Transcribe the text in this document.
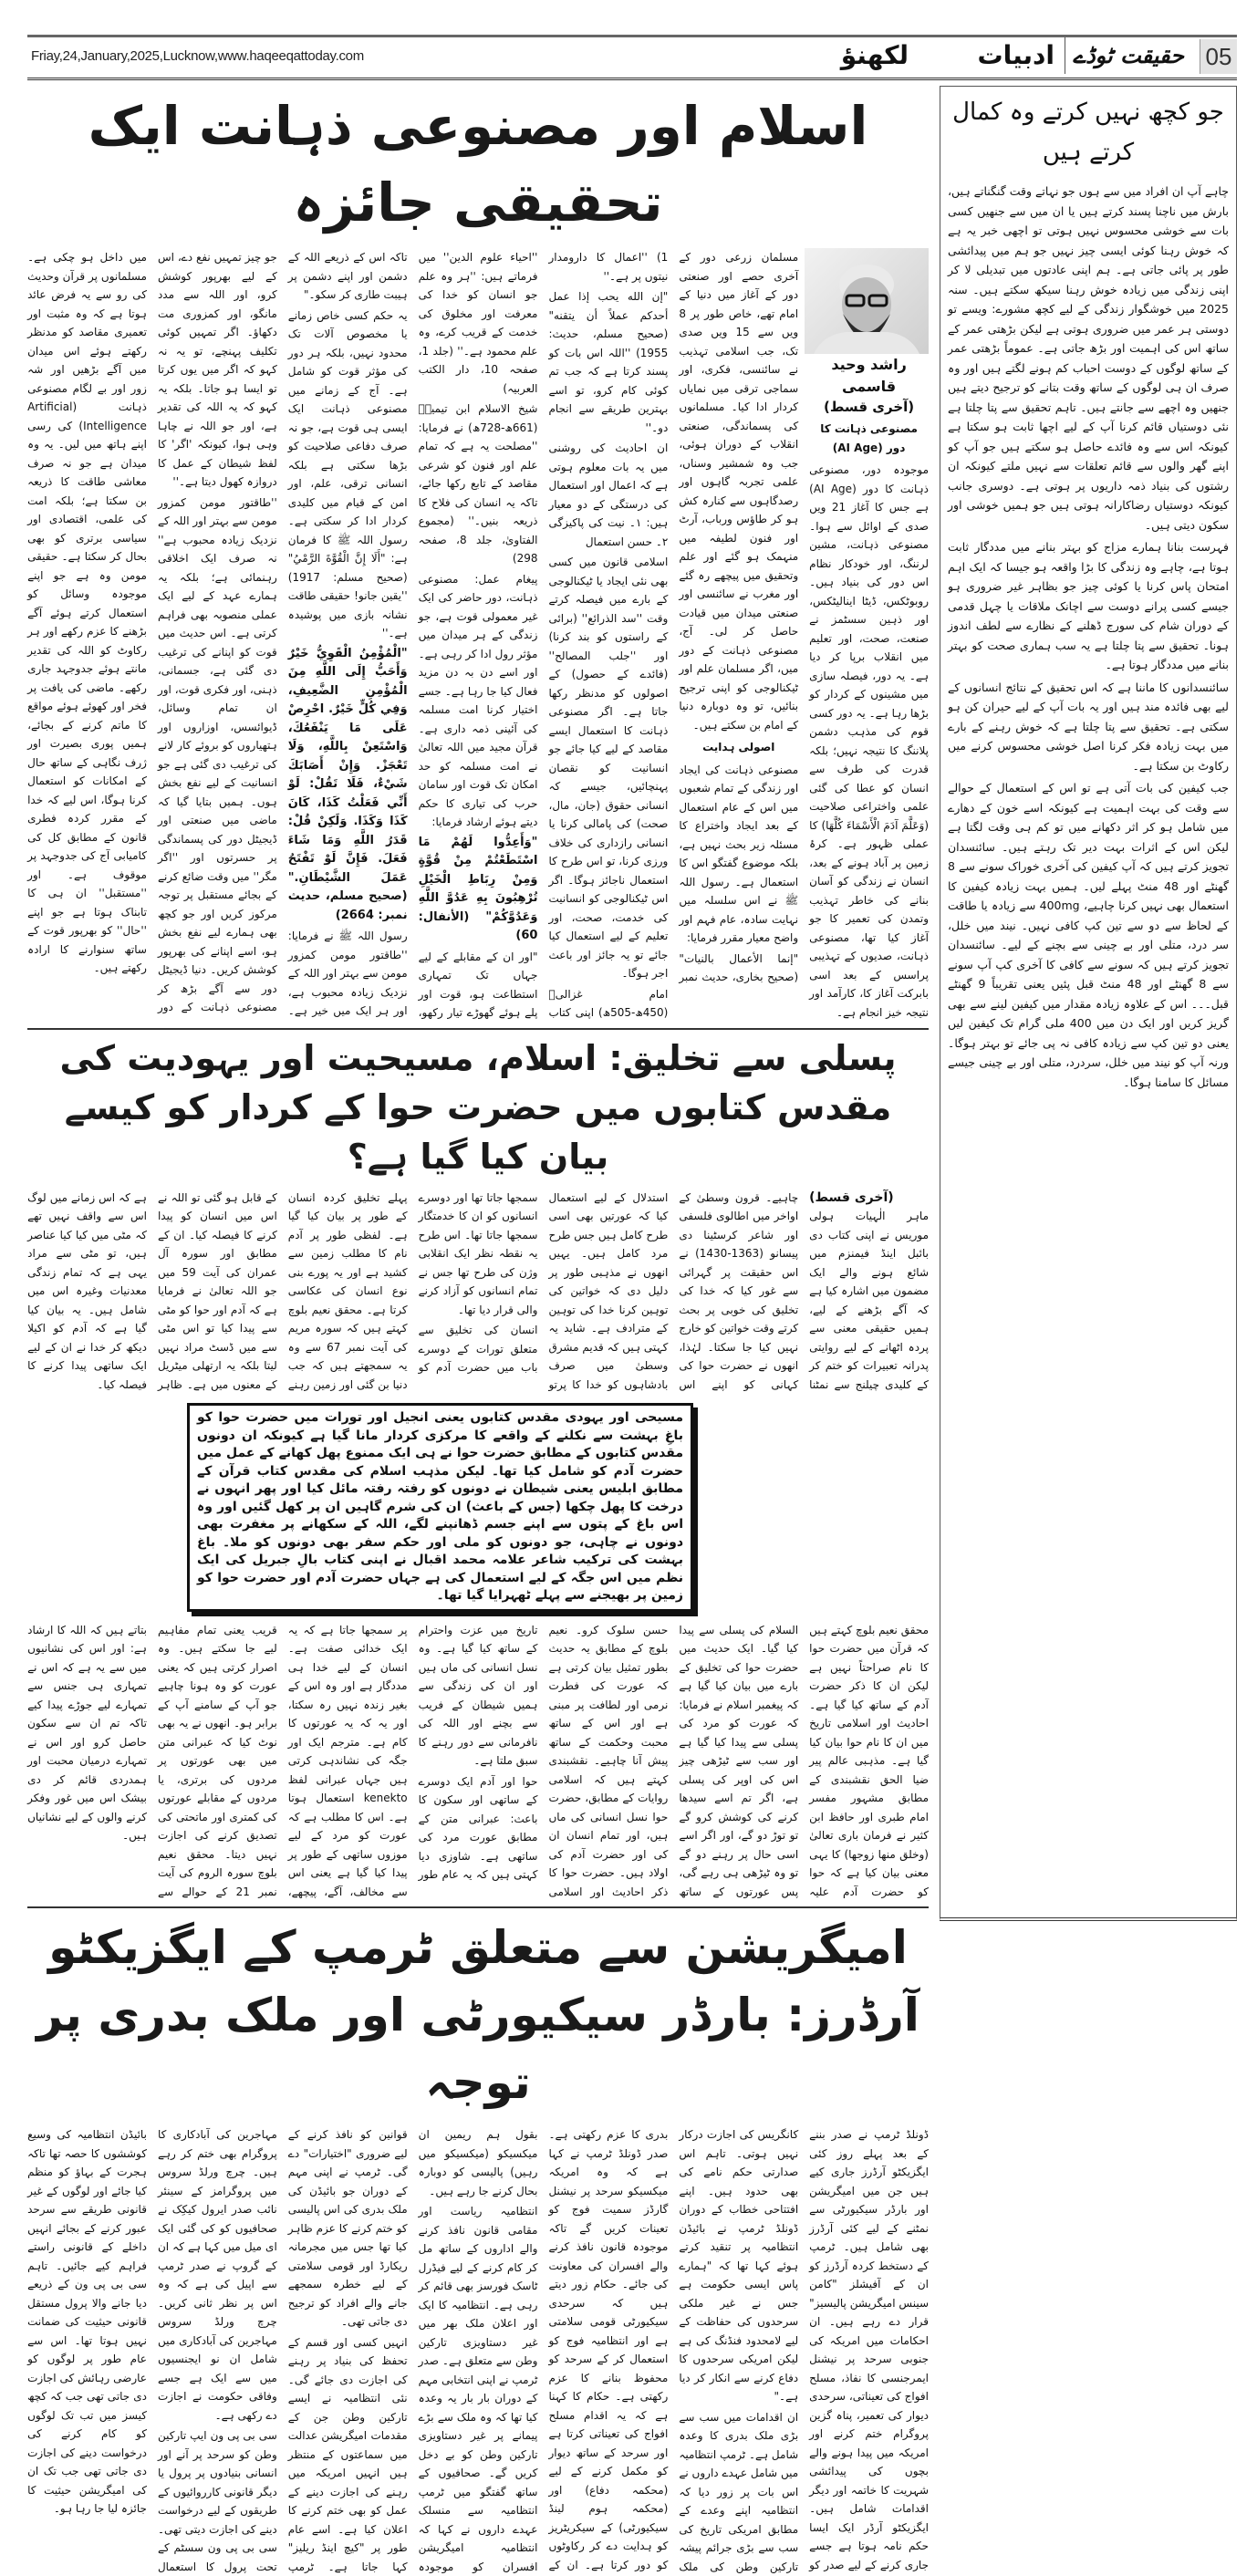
Friay,24,January,2025,Lucknow,www.haqeeqattoday.com	لکھنؤ	ادبیات حقیقت ٹوڈے 05
اسلام اور مصنوعی ذہانت ایک تحقیقی جائزہ
راشد وحید قاسمی
(آخری قسط)

مصنوعی ذہانت کا دور (AI Age)

موجودہ دور، مصنوعی ذہانت کا دور (AI Age) ہے جس کا آغاز 21 ویں صدی کے اوائل سے ہوا۔ مصنوعی ذہانت، مشین لرننگ، اور خودکار نظام اس دور کی بنیاد ہیں۔ روبوٹکس، ڈیٹا اینالیٹکس، اور ذہین سسٹمز نے صنعت، صحت، اور تعلیم میں انقلاب برپا کر دیا ہے۔ یہ دور، فیصلہ سازی میں مشینوں کے کردار کو بڑھا رہا ہے۔ یہ دور کسی قوم کی مذہب دشمن پلاننگ کا نتیجہ نہیں؛ بلکہ قدرت کی طرف سے انسان کو عطا کی گئی علمی واختراعی صلاحیت (وَعَلَّمَ آدَمَ الْأَسْمَاءَ كُلَّهَا) کا عملی ظہور ہے۔ کرۂ زمین پر آباد ہونے کے بعد، انسان نے زندگی کو آسان بنانے کی خاطر تہذیب وتمدن کی تعمیر کا جو آغاز کیا تھا، مصنوعی ذہانت، صدیوں کے تہذیبی پراسس کے بعد اسی بابرکت آغاز کا، کارآمد اور نتیجہ خیز انجام ہے۔

مسلمان زرعی دور کے آخری حصے اور صنعتی دور کے آغاز میں دنیا کے امام تھے، خاص طور پر 8 ویں سے 15 ویں صدی تک، جب اسلامی تہذیب نے سائنسی، فکری، اور سماجی ترقی میں نمایاں کردار ادا کیا۔ مسلمانوں کی پسماندگی، صنعتی انقلاب کے دوران ہوئی، جب وہ شمشیر وسناں، علمی تجربہ گاہوں اور رصدگاہوں سے کنارہ کش ہو کر طاؤس ورباب، آرٹ اور فنون لطیفہ میں منہمک ہو گئے اور علم وتحقیق میں پیچھے رہ گئے اور مغرب نے سائنسی اور صنعتی میدان میں قیادت حاصل کر لی۔ آج، مصنوعی ذہانت کے دور میں، اگر مسلمان علم اور ٹیکنالوجی کو اپنی ترجیح بنائیں، تو وہ دوبارہ دنیا کے امام بن سکتے ہیں۔

اصولی ہدایت

مصنوعی ذہانت کی ایجاد اور زندگی کے تمام شعبوں میں اس کے عام استعمال کے بعد ایجاد واختراع کا مسئلہ زیر بحث نہیں ہے، بلکہ موضوع گفتگو اس کا استعمال ہے۔ رسول اللہ ﷺ نے اس سلسلہ میں نہایت سادہ، عام فہم اور واضح معیار مقرر فرمایا:

"إنما الأعمال بالنيات" (صحیح بخاری، حدیث نمبر 1) ''اعمال کا دارومدار نیتوں پر ہے۔''

"إن الله يحب إذا عمل أحدكم عملاً أن يتقنه" (صحیح مسلم، حدیث: 1955) ''اللہ اس بات کو پسند کرتا ہے کہ جب تم کوئی کام کرو، تو اسے بہترین طریقے سے انجام دو۔''

ان احادیث کی روشنی میں یہ بات معلوم ہوتی ہے کہ اعمال اور استعمال کی درستگی کے دو معیار ہیں: ۱۔ نیت کی پاکیزگی ۲۔ حسن استعمال

اسلامی قانون میں کسی بھی نئی ایجاد یا ٹیکنالوجی کے بارے میں فیصلہ کرتے وقت ''سد الذرائع'' (برائی کے راستوں کو بند کرنا) اور ''جلب المصالح'' (فائدے کے حصول) کے اصولوں کو مدنظر رکھا جاتا ہے۔ اگر مصنوعی ذہانت کا استعمال ایسے مقاصد کے لیے کیا جائے جو انسانیت کو نقصان پہنچائیں، جیسے کہ انسانی حقوق (جان، مال، صحت) کی پامالی کرنا یا انسانی رازداری کی خلاف ورزی کرنا، تو اس طرح کا استعمال ناجائز ہوگا۔ اگر اس ٹیکنالوجی کو انسانیت کی خدمت، صحت، اور تعلیم کے لیے استعمال کیا جائے تو یہ جائز اور باعث اجر ہوگا۔

امام غزالیؒ (450ھ-505ھ) اپنی کتاب ''احیاء علوم الدین'' میں فرماتے ہیں: ''ہر وہ علم جو انسان کو خدا کی معرفت اور مخلوق کی خدمت کے قریب کرے، وہ علم محمود ہے۔'' (جلد 1، صفحہ 10، دار الکتب العربیہ)

شیخ الاسلام ابن تیمیہؒ (661ھ-728ھ) نے فرمایا: ''مصلحت یہ ہے کہ تمام علم اور فنون کو شرعی مقاصد کے تابع رکھا جائے، تاکہ یہ انسان کی فلاح کا ذریعہ بنیں۔'' (مجموع الفتاویٰ، جلد 8، صفحہ 298)

پیغام عمل: مصنوعی ذہانت، دور حاضر کی ایک غیر معمولی قوت ہے، جو زندگی کے ہر میدان میں مؤثر رول ادا کر رہی ہے۔ اور اسے دن بہ دن مزید فعال کیا جا رہا ہے۔ جسے اختیار کرنا امت مسلمہ کی آئینی ذمہ داری ہے۔ قرآن مجید میں اللہ تعالیٰ نے امت مسلمہ کو حد امکان تک قوت اور سامان حرب کی تیاری کا حکم دیتے ہوئے ارشاد فرمایا:

"وَأَعِدُّوا لَهُمْ مَا اسْتَطَعْتُمْ مِنْ قُوَّةٍ وَمِنْ رِبَاطِ الْخَيْلِ تُرْهِبُونَ بِهِ عَدُوَّ اللَّهِ وَعَدُوَّكُمْ" (الأنفال: 60)

"اور ان کے مقابلے کے لیے جہاں تک تمہاری استطاعت ہو، قوت اور پلے ہوئے گھوڑے تیار رکھو، تاکہ اس کے ذریعے اللہ کے دشمن اور اپنے دشمن پر ہیبت طاری کر سکو۔"

یہ حکم کسی خاص زمانے یا مخصوص آلات تک محدود نہیں، بلکہ ہر دور کی مؤثر قوت کو شامل ہے۔ آج کے زمانے میں مصنوعی ذہانت ایک ایسی ہی قوت ہے، جو نہ صرف دفاعی صلاحیت کو بڑھا سکتی ہے بلکہ انسانی ترقی، علم، اور امن کے قیام میں کلیدی کردار ادا کر سکتی ہے۔ رسول اللہ ﷺ کا فرمان ہے: "أَلَا إِنَّ الْقُوَّةَ الرَّمْيُ" (صحیح مسلم: 1917) ''یقین جانو! حقیقی طاقت نشانہ بازی میں پوشیدہ ہے۔''

"الْمُؤْمِنُ الْقَوِيُّ خَيْرٌ وَأَحَبُّ إِلَى اللَّهِ مِنَ الْمُؤْمِنِ الضَّعِيفِ، وَفِي كُلٍّ خَيْرٌ. احْرِصْ عَلَى مَا يَنْفَعُكَ، وَاسْتَعِنْ بِاللَّهِ، وَلَا تَعْجَزْ. وَإِنْ أَصَابَكَ شَيْءٌ، فَلَا تَقُلْ: لَوْ أَنِّي فَعَلْتُ كَذَا، كَانَ كَذَا وَكَذَا. وَلَكِنْ قُلْ: قَدَرُ اللَّهِ وَمَا شَاءَ فَعَلَ. فَإِنَّ لَوْ تَفْتَحُ عَمَلَ الشَّيْطَانِ." (صحیح مسلم، حدیث نمبر: 2664)

رسول اللہ ﷺ نے فرمایا: ''طاقتور مومن کمزور مومن سے بہتر اور اللہ کے نزدیک زیادہ محبوب ہے، اور ہر ایک میں خیر ہے۔ جو چیز تمہیں نفع دے، اس کے لیے بھرپور کوشش کرو، اور اللہ سے مدد مانگو، اور کمزوری مت دکھاؤ۔ اگر تمہیں کوئی تکلیف پہنچے، تو یہ نہ کہو کہ اگر میں یوں کرتا تو ایسا ہو جاتا۔ بلکہ یہ کہو کہ یہ اللہ کی تقدیر ہے، اور جو اللہ نے چاہا وہی ہوا، کیونکہ 'اگر' کا لفظ شیطان کے عمل کا دروازہ کھول دیتا ہے۔''

''طاقتور مومن کمزور مومن سے بہتر اور اللہ کے نزدیک زیادہ محبوب ہے'' نہ صرف ایک اخلاقی رہنمائی ہے؛ بلکہ یہ ہمارے عہد کے لیے ایک عملی منصوبہ بھی فراہم کرتی ہے۔ اس حدیث میں قوت کو اپنانے کی ترغیب دی گئی ہے، جسمانی، ذہنی، اور فکری قوت، اور ان تمام وسائل، ڈیوائسس، اوزاروں اور ہتھیاروں کو بروئے کار لانے کی ترغیب دی گئی ہے جو انسانیت کے لیے نفع بخش ہوں۔ ہمیں بتایا گیا کہ ماضی میں صنعتی اور ڈیجیٹل دور کی پسماندگی پر حسرتوں اور ''اگر مگر'' میں وقت ضائع کرنے کے بجائے مستقبل پر توجہ مرکوز کریں اور جو کچھ بھی ہمارے لیے نفع بخش ہو، اسے اپنانے کی بھرپور کوشش کریں۔ دنیا ڈیجیٹل دور سے آگے بڑھ کر مصنوعی ذہانت کے دور میں داخل ہو چکی ہے۔ مسلمانوں پر قرآن وحدیث کی رو سے یہ فرض عائد ہوتا ہے کہ وہ مثبت اور تعمیری مقاصد کو مدنظر رکھتے ہوئے اس میدان میں آگے بڑھیں اور شہ زور اور بے لگام مصنوعی ذہانت (Artificial Intelligence) کی رسی اپنے ہاتھ میں لیں۔ یہ وہ میدان ہے جو نہ صرف معاشی طاقت کا ذریعہ بن سکتا ہے؛ بلکہ امت کی علمی، اقتصادی اور سیاسی برتری کو بھی بحال کر سکتا ہے۔ حقیقی مومن وہ ہے جو اپنے موجودہ وسائل کو استعمال کرتے ہوئے آگے بڑھنے کا عزم رکھے اور ہر رکاوٹ کو اللہ کی تقدیر مانتے ہوئے جدوجہد جاری رکھے۔ ماضی کی یافت پر فخر اور کھوئے ہوئے مواقع کا ماتم کرنے کے بجائے، ہمیں پوری بصیرت اور ژرف نگاہی کے ساتھ حال کے امکانات کو استعمال کرنا ہوگا، اس لیے کہ خدا کے مقرر کردہ فطری قانون کے مطابق کل کی کامیابی آج کی جدوجہد پر موقوف ہے۔ اور ''مستقبل'' ان ہی کا تابناک ہوتا ہے جو اپنے ''حال'' کو بھرپور قوت کے ساتھ سنوارنے کا ارادہ رکھتے ہیں۔

پسلی سے تخلیق: اسلام، مسیحیت اور یہودیت کی مقدس کتابوں میں حضرت حوا کے کردار کو کیسے بیان کیا گیا ہے؟
(آخری قسط)

ماہر الٰہیات ہولی موریس نے اپنی کتاب دی بائبل اینڈ فیمنزم میں شائع ہونے والے ایک مضمون میں اشارہ کیا ہے کہ آگے بڑھنے کے لیے، ہمیں حقیقی معنی سے پردہ اٹھانے کے لیے روایتی پدرانہ تعبیرات کو ختم کر کے کلیدی چیلنج سے نمٹنا چاہیے۔ قرون وسطیٰ کے اواخر میں اطالوی فلسفی اور شاعر کرسٹینا دی پیسانو (1363-1430) نے اس حقیقت پر گہرائی سے غور کیا کہ خدا کی تخلیق کی خوبی پر بحث کرتے وقت خواتین کو خارج نہیں کیا جا سکتا۔ لہٰذا، انھوں نے حضرت حوا کی کہانی کو اپنے اس استدلال کے لیے استعمال کیا کہ عورتیں بھی اسی طرح کامل ہیں جس طرح مرد کامل ہیں۔ یہیں انھوں نے مذہبی طور پر دلیل دی کہ خواتین کی توہین کرنا خدا کی توہین کے مترادف ہے۔ شاید یہ کہتی ہیں کہ قدیم مشرق وسطیٰ میں صرف بادشاہوں کو خدا کا پرتو سمجھا جاتا تھا اور دوسرے انسانوں کو ان کا خدمتگار سمجھا جاتا تھا۔ اس طرح یہ نقطہ نظر ایک انقلابی وژن کی طرح تھا جس نے تمام انسانوں کو آزاد کرنے والی قرار دیا تھا۔

انسان کی تخلیق سے متعلق تورات کے دوسرے باب میں حضرت آدم کو پہلے تخلیق کردہ انسان کے طور پر بیان کیا گیا ہے۔ لفظی طور پر آدم نام کا مطلب زمین سے کشید ہے اور یہ پورے بنی نوع انسان کی عکاسی کرتا ہے۔ محقق نعیم بلوچ کہتے ہیں کہ سورہ مریم کی آیت نمبر 67 سے وہ یہ سمجھتے ہیں کہ جب دنیا بن گئی اور زمین رہنے کے قابل ہو گئی تو اللہ نے اس میں انسان کو پیدا کرنے کا فیصلہ کیا۔ ان کے مطابق اور سورہ آل عمران کی آیت 59 میں جو اللہ تعالیٰ نے فرمایا ہے کہ آدم اور حوا کو مٹی سے پیدا کیا تو اس مٹی سے میں ڈسٹ مراد نہیں لیتا بلکہ یہ ارتھلی میٹریل کے معنوں میں ہے۔ ظاہر ہے کہ اس زمانے میں لوگ اس سے واقف نہیں تھے کہ مٹی میں کیا کیا عناصر ہیں، تو مٹی سے مراد یہی ہے کہ تمام زندگی معدنیات وغیرہ اس میں شامل ہیں۔ یہ بیان کیا گیا ہے کہ آدم کو اکیلا دیکھ کر خدا نے ان کے لیے ایک ساتھی پیدا کرنے کا فیصلہ کیا۔

مسیحی اور یہودی مقدس کتابوں یعنی انجیل اور تورات میں حضرت حوا کو باغِ بہشت سے نکلنے کے واقعے کا مرکزی کردار مانا گیا ہے کیونکہ ان دونوں مقدس کتابوں کے مطابق حضرت حوا نے ہی ایک ممنوع پھل کھانے کے عمل میں حضرت آدم کو شامل کیا تھا۔ لیکن مذہب اسلام کی مقدس کتاب قرآن کے مطابق ابلیس یعنی شیطان نے دونوں کو رفتہ رفتہ مائل کیا اور پھر انہوں نے درخت کا پھل چکھا (جس کے باعث) ان کی شرم گاہیں ان پر کھل گئیں اور وہ اس باغ کے پتوں سے اپنے جسم ڈھانپنے لگے، اللہ کے سکھانے پر مغفرت بھی دونوں نے چاہی، جو دونوں کو ملی اور حکم سفر بھی دونوں کو ملا۔ باغ بہشت کی ترکیب شاعر علامہ محمد اقبال نے اپنی کتاب بالِ جبریل کی ایک نظم میں اس جگہ کے لیے استعمال کی ہے جہاں حضرت آدم اور حضرت حوا کو زمین پر بھیجنے سے پہلے ٹھہرایا گیا تھا۔

محقق نعیم بلوچ کہتے ہیں کہ قرآن میں حضرت حوا کا نام صراحتاً نہیں ہے لیکن ان کا ذکر حضرت آدم کے ساتھ کیا گیا ہے۔ احادیث اور اسلامی تاریخ میں ان کا نام حوا بیان کیا گیا ہے۔ مذہبی عالم پیر ضیا الحق نقشبندی کے مطابق مشہور مفسر امام طبری اور حافظ ابن کثیر نے فرمان باری تعالیٰ (وخلق منها زوجها) کا یہی معنی بیان کیا ہے کہ حوا کو حضرت آدم علیہ السلام کی پسلی سے پیدا کیا گیا۔ ایک حدیث میں حضرت حوا کی تخلیق کے بارے میں بیان کیا گیا ہے کہ پیغمبر اسلام نے فرمایا: کہ عورت کو مرد کی پسلی سے پیدا کیا گیا ہے اور سب سے ٹیڑھی چیز اس کی اوپر کی پسلی ہے، اگر تم اسے سیدھا کرنے کی کوشش کرو گے تو توڑ دو گے، اور اگر اسے اسی حال پر رہنے دو گے تو وہ ٹیڑھی ہی رہے گی، پس عورتوں کے ساتھ حسن سلوک کرو۔ نعیم بلوچ کے مطابق یہ حدیث بطور تمثیل بیان کرتی ہے کہ عورت کی فطرت نرمی اور لطافت پر مبنی ہے اور اس کے ساتھ محبت وحکمت کے ساتھ پیش آنا چاہیے۔ نقشبندی کہتے ہیں کہ اسلامی روایات کے مطابق، حضرت حوا نسل انسانی کی ماں ہیں، اور تمام انسان ان کی اور حضرت آدم کی اولاد ہیں۔ حضرت حوا کا ذکر احادیث اور اسلامی تاریخ میں عزت واحترام کے ساتھ کیا گیا ہے۔ وہ نسل انسانی کی ماں ہیں اور ان کی زندگی سے ہمیں شیطان کے فریب سے بچنے اور اللہ کی نافرمانی سے دور رہنے کا سبق ملتا ہے۔

حوا اور آدم ایک دوسرے کے ساتھی اور سکون کا باعث: عبرانی متن کے مطابق عورت مرد کی ساتھی ہے۔ شاوزی دیا کہتی ہیں کہ یہ عام طور پر سمجھا جاتا ہے کہ یہ ایک خدائی صفت ہے۔ انسان کے لیے خدا ہی مددگار ہے اور وہ اس کے بغیر زندہ نہیں رہ سکتا، اور یہ کہ یہ عورتوں کا کام ہے۔ مترجم ایک اور جگہ کی نشاندہی کرتی ہیں جہاں عبرانی لفظ kenekto استعمال ہوتا ہے۔ اس کا مطلب ہے کہ عورت کو مرد کے لیے موزوں ساتھی کے طور پر پیدا کیا گیا ہے یعنی اس سے مخالف، آگے، پیچھے، قریب یعنی تمام مفاہیم لیے جا سکتے ہیں۔ وہ اصرار کرتی ہیں کہ یعنی عورت کو وہ ہونا چاہیے جو آپ کے سامنے آپ کے برابر ہو۔ انھوں نے یہ بھی نوٹ کیا کہ عبرانی متن میں بھی عورتوں پر مردوں کی برتری، یا مردوں کے مقابلے عورتوں کی کمتری اور ماتحتی کی تصدیق کرنے کی اجازت نہیں دیتا۔ محقق نعیم بلوچ سورہ الروم کی آیت نمبر 21 کے حوالے سے بتاتے ہیں کہ اللہ کا ارشاد ہے: اور اس کی نشانیوں میں سے یہ ہے کہ اس نے تمہاری ہی جنس سے تمہارے لیے جوڑے پیدا کیے تاکہ تم ان سے سکون حاصل کرو اور اس نے تمہارے درمیان محبت اور ہمدردی قائم کر دی بیشک اس میں غور وفکر کرنے والوں کے لیے نشانیاں ہیں۔

امیگریشن سے متعلق ٹرمپ کے ایگزیکٹو آرڈرز: بارڈر سیکیورٹی اور ملک بدری پر توجہ

ڈونلڈ ٹرمپ نے صدر بننے کے بعد پہلے روز کئی ایگزیکٹو آرڈرز جاری کیے ہیں جن میں امیگریشن اور بارڈر سیکیورٹی سے نمٹنے کے لیے کئی آرڈرز بھی شامل ہیں۔ ٹرمپ کے دستخط کردہ آرڈرز کو ان کے آفیشلز "کامن سینس امیگریشن پالیسیز" قرار دے رہے ہیں۔ ان احکامات میں امریکہ کی جنوبی سرحد پر نیشنل ایمرجنسی کا نفاذ، مسلح افواج کی تعیناتی، سرحدی دیوار کی تعمیر، پناہ گزین پروگرام ختم کرنے اور امریکہ میں پیدا ہونے والے بچوں کی پیدائشی شہریت کا خاتمہ اور دیگر اقدامات شامل ہیں۔ ایگزیکٹو آرڈر ایک ایسا حکم نامہ ہوتا ہے جسے جاری کرنے کے لیے صدر کو کانگریس کی اجازت درکار نہیں ہوتی۔ تاہم اس صدارتی حکم نامے کی بھی حدود ہیں۔ اپنے افتتاحی خطاب کے دوران ڈونلڈ ٹرمپ نے بائیڈن انتظامیہ پر تنقید کرتے ہوئے کہا تھا کہ "ہمارے پاس ایسی حکومت ہے جس نے غیر ملکی سرحدوں کی حفاظت کے لیے لامحدود فنڈنگ کی ہے لیکن امریکی سرحدوں کا دفاع کرنے سے انکار کر دیا ہے۔"

ان اقدامات میں سب سے بڑی ملک بدری کا وعدہ شامل ہے۔ ٹرمپ انتظامیہ میں شامل عہدے داروں نے اس بات پر زور دیا کہ انتظامیہ اپنے وعدے کے مطابق امریکی تاریخ کی سب سے بڑی جرائم پیشہ تارکین وطن کی ملک بدری کا عزم رکھتی ہے۔ صدر ڈونلڈ ٹرمپ نے کہا ہے کہ وہ امریکہ میکسیکو سرحد پر نیشنل گارڈز سمیت فوج کو تعینات کریں گے تاکہ موجودہ قانون نافذ کرنے والے افسران کی معاونت کی جائے۔ حکام زور دیتے ہیں کہ سرحدی سیکیورٹی قومی سلامتی ہے اور انتظامیہ فوج کو استعمال کر کے سرحد کو محفوظ بنانے کا عزم رکھتی ہے۔ حکام کا کہنا ہے کہ یہ اقدام مسلح افواج کی تعیناتی کرتا ہے اور سرحد کے ساتھ دیوار کو مکمل کرنے کے لیے (محکمہ دفاع) اور (محکمہ ہوم لینڈ سیکیورٹی) کے سیکریٹریز کو ہدایت دے کر رکاوٹوں کو دور کرتا ہے۔ ان کے بقول ہم ریمین ان میکسیکو (میکسیکو میں رہیں) پالیسی کو دوبارہ بحال کرنے جا رہے ہیں۔

انتظامیہ ریاست اور مقامی قانون نافذ کرنے والے اداروں کے ساتھ مل کر کام کرنے کے لیے فیڈرل ٹاسک فورسز بھی قائم کر رہی ہے۔ انتظامیہ کا ایک اور اعلان ملک بھر میں غیر دستاویزی تارکین وطن سے متعلق ہے۔ صدر ٹرمپ نے اپنی انتخابی مہم کے دوران بار بار یہ وعدہ کیا تھا کہ وہ ملک سے بڑے پیمانے پر غیر دستاویزی تارکین وطن کو بے دخل کریں گے۔ صحافیوں کے ساتھ گفتگو میں ٹرمپ انتظامیہ سے منسلک عہدے داروں نے کہا کہ انتظامیہ امیگریشن افسران کو موجودہ قوانین کو نافذ کرنے کے لیے ضروری "اختیارات" دے گی۔ ٹرمپ نے اپنی مہم کے دوران جو بائیڈن کی ملک بدری کی اس پالیسی کو ختم کرنے کا عزم ظاہر کیا تھا جس میں مجرمانہ ریکارڈ اور قومی سلامتی کے لیے خطرہ سمجھے جانے والے افراد کو ترجیح دی جاتی تھی۔

انہیں کسی اور قسم کے تحفظ کی بنیاد پر رہنے کی اجازت دی جائے گی۔ نئی انتظامیہ نے ایسے تارکین وطن جن کے مقدمات امیگریشن عدالت میں سماعتوں کے منتظر ہیں انہیں امریکہ میں رہنے کی اجازت دینے کے عمل کو بھی ختم کرنے کا اعلان کیا ہے۔ اسے عام طور پر "کیچ اینڈ ریلیز" کہا جاتا ہے۔ ٹرمپ مہاجرین کی آبادکاری کا پروگرام بھی ختم کر رہے ہیں۔ چرچ ورلڈ سروس میں پروگرامز کے سینئر نائب صدر ایرول کیکِک نے صحافیوں کو کی گئی ایک ای میل میں کہا ہے کہ ان کے گروپ نے صدر ٹرمپ سے اپیل کی ہے کہ وہ اس پر نظر ثانی کریں۔ چرچ ورلڈ سروس مہاجرین کی آبادکاری میں شامل ان نو ایجنسیوں میں سے ایک ہے جسے وفاقی حکومت نے اجازت دے رکھی ہے۔

سی بی پی ون ایپ تارکین وطن کو سرحد پر آنے اور انسانی بنیادوں پر پرول یا دیگر قانونی کارروائیوں کے طریقوں کے لیے درخواست دینے کی اجازت دیتی تھی۔ سی بی پی ون سسٹم کے تحت پرول کا استعمال بائیڈن انتظامیہ کی وسیع کوششوں کا حصہ تھا تاکہ ہجرت کے بہاؤ کو منظم کیا جائے اور لوگوں کے غیر قانونی طریقے سے سرحد عبور کرنے کے بجائے انہیں داخلے کے قانونی راستے فراہم کیے جائیں۔ تاہم سی بی پی ون کے ذریعے دیا جانے والا پرول مستقل قانونی حیثیت کی ضمانت نہیں ہوتا تھا۔ اس سے عام طور پر لوگوں کو عارضی رہائش کی اجازت دی جاتی تھی جب کہ کچھ کیسز میں تب تک لوگوں کو کام کرنے کی درخواست دینے کی اجازت دی جاتی تھی جب تک ان کی امیگریشن حیثیت کا جائزہ لیا جا رہا ہو۔

جو کچھ نہیں کرتے وہ کمال کرتے ہیں

چاہے آپ ان افراد میں سے ہوں جو نہاتے وقت گنگناتے ہیں، بارش میں ناچنا پسند کرتے ہیں یا ان میں سے جنھیں کسی بات سے خوشی محسوس نہیں ہوتی تو اچھی خبر یہ ہے کہ خوش رہنا کوئی ایسی چیز نہیں جو ہم میں پیدائشی طور پر پائی جاتی ہے۔ ہم اپنی عادتوں میں تبدیلی لا کر اپنی زندگی میں زیادہ خوش رہنا سیکھ سکتے ہیں۔ سنہ 2025 میں خوشگوار زندگی کے لیے کچھ مشورے: ویسے تو دوستی ہر عمر میں ضروری ہوتی ہے لیکن بڑھتی عمر کے ساتھ اس کی اہمیت اور بڑھ جاتی ہے۔ عموماً بڑھتی عمر کے ساتھ لوگوں کے دوست احباب کم ہونے لگتے ہیں اور وہ صرف ان ہی لوگوں کے ساتھ وقت بتانے کو ترجیح دیتے ہیں جنھیں وہ اچھے سے جانتے ہیں۔ تاہم تحقیق سے پتا چلتا ہے نئی دوستیاں قائم کرنا آپ کے لیے اچھا ثابت ہو سکتا ہے کیونکہ اس سے وہ فائدے حاصل ہو سکتے ہیں جو آپ کو اپنے گھر والوں سے قائم تعلقات سے نہیں ملتے کیونکہ ان رشتوں کی بنیاد ذمہ داریوں پر ہوتی ہے۔ دوسری جانب کیونکہ دوستیاں رضاکارانہ ہوتی ہیں جو ہمیں خوشی اور سکون دیتی ہیں۔

فہرست بنانا ہمارے مزاج کو بہتر بنانے میں مددگار ثابت ہوتا ہے، چاہے وہ زندگی کا بڑا واقعہ ہو جیسا کہ ایک اہم امتحان پاس کرنا یا کوئی چیز جو بظاہر غیر ضروری ہو جیسے کسی پرانے دوست سے اچانک ملاقات یا چہل قدمی کے دوران شام کی سورج ڈھلنے کے نظارے سے لطف اندوز ہونا۔ تحقیق سے پتا چلتا ہے یہ سب ہماری صحت کو بہتر بنانے میں مددگار ہوتا ہے۔

سائنسدانوں کا ماننا ہے کہ اس تحقیق کے نتائج انسانوں کے لیے بھی فائدہ مند ہیں اور یہ بات آپ کے لیے حیران کن ہو سکتی ہے۔ تحقیق سے پتا چلتا ہے کہ خوش رہنے کے بارے میں بہت زیادہ فکر کرنا اصل خوشی محسوس کرنے میں رکاوٹ بن سکتا ہے۔

جب کیفین کی بات آتی ہے تو اس کے استعمال کے حوالے سے وقت کی بہت اہمیت ہے کیونکہ اسے خون کے دھارے میں شامل ہو کر اثر دکھانے میں تو کم ہی وقت لگتا ہے لیکن اس کے اثرات بہت دیر تک رہتے ہیں۔ سائنسدان تجویز کرتے ہیں کہ آپ کیفین کی آخری خوراک سونے سے 8 گھنٹے اور 48 منٹ پہلے لیں۔ ہمیں بہت زیادہ کیفین کا استعمال بھی نہیں کرنا چاہیے، 400mg سے زیادہ یا طاقت کے لحاظ سے دو سے تین کپ کافی نہیں۔ نیند میں خلل، سر درد، متلی اور بے چینی سے بچنے کے لیے۔ سائنسدان تجویز کرتے ہیں کہ سونے سے کافی کا آخری کپ آپ سونے سے 8 گھنٹے اور 48 منٹ قبل پئیں یعنی تقریباً 9 گھنٹے قبل۔۔۔ اس کے علاوہ زیادہ مقدار میں کیفین لینے سے بھی گریز کریں اور ایک دن میں 400 ملی گرام تک کیفین لیں یعنی دو تین کپ سے زیادہ کافی نہ پی جائے تو بہتر ہوگا۔ ورنہ آپ کو نیند میں خلل، سردرد، متلی اور بے چینی جیسے مسائل کا سامنا ہوگا۔
